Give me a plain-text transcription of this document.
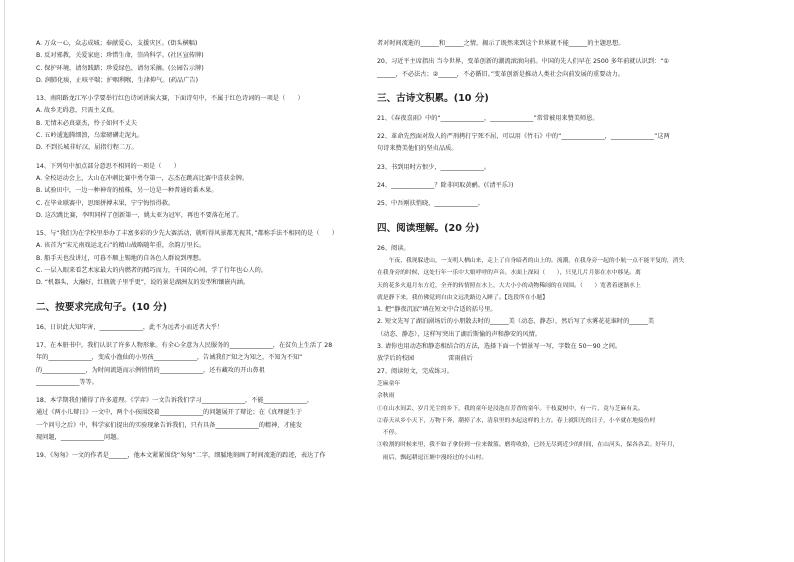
A. 万众一心，众志成城；奉献爱心，支援灾区。(街头横幅)
B. 反对邪教，关爱家庭；珍惜生命，崇尚科学。(社区宣传牌)
C. 保护环境，请勿践踏；珍爱绿色，请勿采摘。(公园告示牌)
D. 润肺化痰，止咳平喘；护咽利喉，生津抑气。(药品广告)
13、南阳路龙江军小学要举行红色诗词讲演大赛，下面诗句中，不属于红色诗词的一项是（　　）
A. 故乡无碍意，只需主义真。
B. 无情未必真豪杰，怜子如何不丈夫
C. 五岭逶迤腾细浪，乌蒙磅礴走泥丸。
D. 不到长城非好汉，屈指行程二万。
14、下列句中加点部分意思不相同的一项是（　　）
A. 全校运动会上，大山在冲刺比赛中勇夺第一，志杰在跳高比赛中喜获金牌。
B. 试验田中，一边一种神奇的植株，另一边是一种普通的番木果。
C. 在毕业联赛中，思图拼搏未果，宁宁悔悟得救。
D. 这次跳比赛，李明同样了创新第一，姚太亚为冠军，再也不要落在尾了。
15、与“我们为在学校里举办了丰富多彩的少先大赛活动，就听得风景都无视其，”都称手法不相同的是（　　）
A. 该首为“宋元南戏运北石”的精山战略随年重，余韵万里长。
B. 船手天也没讲过，可暮不顺上锡地的自各色人群说到理想。
C. 一层入眼来看艺术家最大的内燃者的精巧而力，千国的心间，学了行年也心人的。
D. “机器头，大瀚好，红瓶就子里乎更”，说的景是湖洲友的发型和镶嵌内涵。
二、按要求完成句子。(10 分)
16、日识此大知年害，______________，此不为远者小而近者大乎！
17、在本册书中，我们认识了许多人物形象。有全心全意为人民服务的______________，在贫负上生活了 28
年的______________，变成小渔仙的小男孩______________，告诫我们“知之为知之，不知为不知”
的______________，为时间流逝而示例悄悄的______________，还有藏攻的开山鼻祖
______________等等。
18、本学期我们懂得了许多道理。《学弈》一文告诉我们学习______________，不能______________，
通过《两小儿辩日》一文中，两个小孩围绕着______________的问题展开了辩论；在《真理诞生于
一个问号之后》中，科学家们提出的实验现象告诉我们，只有具备______________的精神，才能发
现问题，______________问题。
19、《匆匆》一文的作者是______，他本文紧紧围绕“匆匆”二字，细腻地刻画了时间流逝的踪迹，表达了作
者对时间流逝的______和______之情，揭示了既然来到这个世界就不能______的主题思想。
20、习近平主席指出 当今世界，变革创新的潮流滚滚向前。中国的先人们早在 2500 多年前就认识到：“①
______，不必法古；②______，不必循旧。”变革创新是推动人类社会向前发展的重要动力。
三、古诗文积累。(10 分)
21、《春夜喜雨》中的“______________，______________”常常被用来赞美师恩。
22、革命先烈面对敌人的严刑拷打宁死不屈，可以用《竹石》中的“______________，______________”这两
句诗来赞美他们的坚贞品质。
23、书到用时方恨少，______________。
24、______________？除非问取黄鹂。(《清平乐》)
25、中吾刚扶悄晓，______________。
四、阅读理解。(20 分)
26、阅读。
　　午夜，我现躲进山，一支明人栖山来，走上了自身暗者的山上的。流潮，在我身旁一起的小航一点不能平复的，消失
在我身旁的时候，这处行年一乐中大娘呼呼的声音。水面上深闷（　　），只见几片月影在水中移晃。离
天的花多火退月东方近，全齐的转情照在水上，大大小小的动物稀闹的在周围。（　　）宽著着逐渐水上
就是静下来，我仿佛觉到自由文远洗路边入睡了。【选段所在小题】
1. 把“静夜沉寂”填在短文中合适的括号里。
2. 短文先写了湖泊剧场后的小朋散去时的______美（动态、静态），然后写了水雾花花谁时的______美
（动态、静态），这样写突出了湖后斯愉的声和静安的风情。
3. 请你也用动态和静态相结合的方法，选择下面一个情景写一写，字数在 50～90 之间。
放学后的校园	雷雨前后
27、阅读短文，完成练习。
芝麻童年
佘秋雨
①在山水间丢、岁月光尘的乡下，我的童年是浸泡在芳香的童年。干枝夏树中，有一片，竟与芝麻有关。
②春天从乡小天下，万物下奔，潮掉了水，清泉里的水起这样的上方。春上就阳光的日子，小辛就在地接鱼村
　不停。
③收割的时候来里，我不如子拿份到一位来做篮。磨将收拾，已经无尽到近少的时间，在山河头，保各各丢。好年月，
　雨后，飘起耕逗汪塘中漫经过的小山村。
